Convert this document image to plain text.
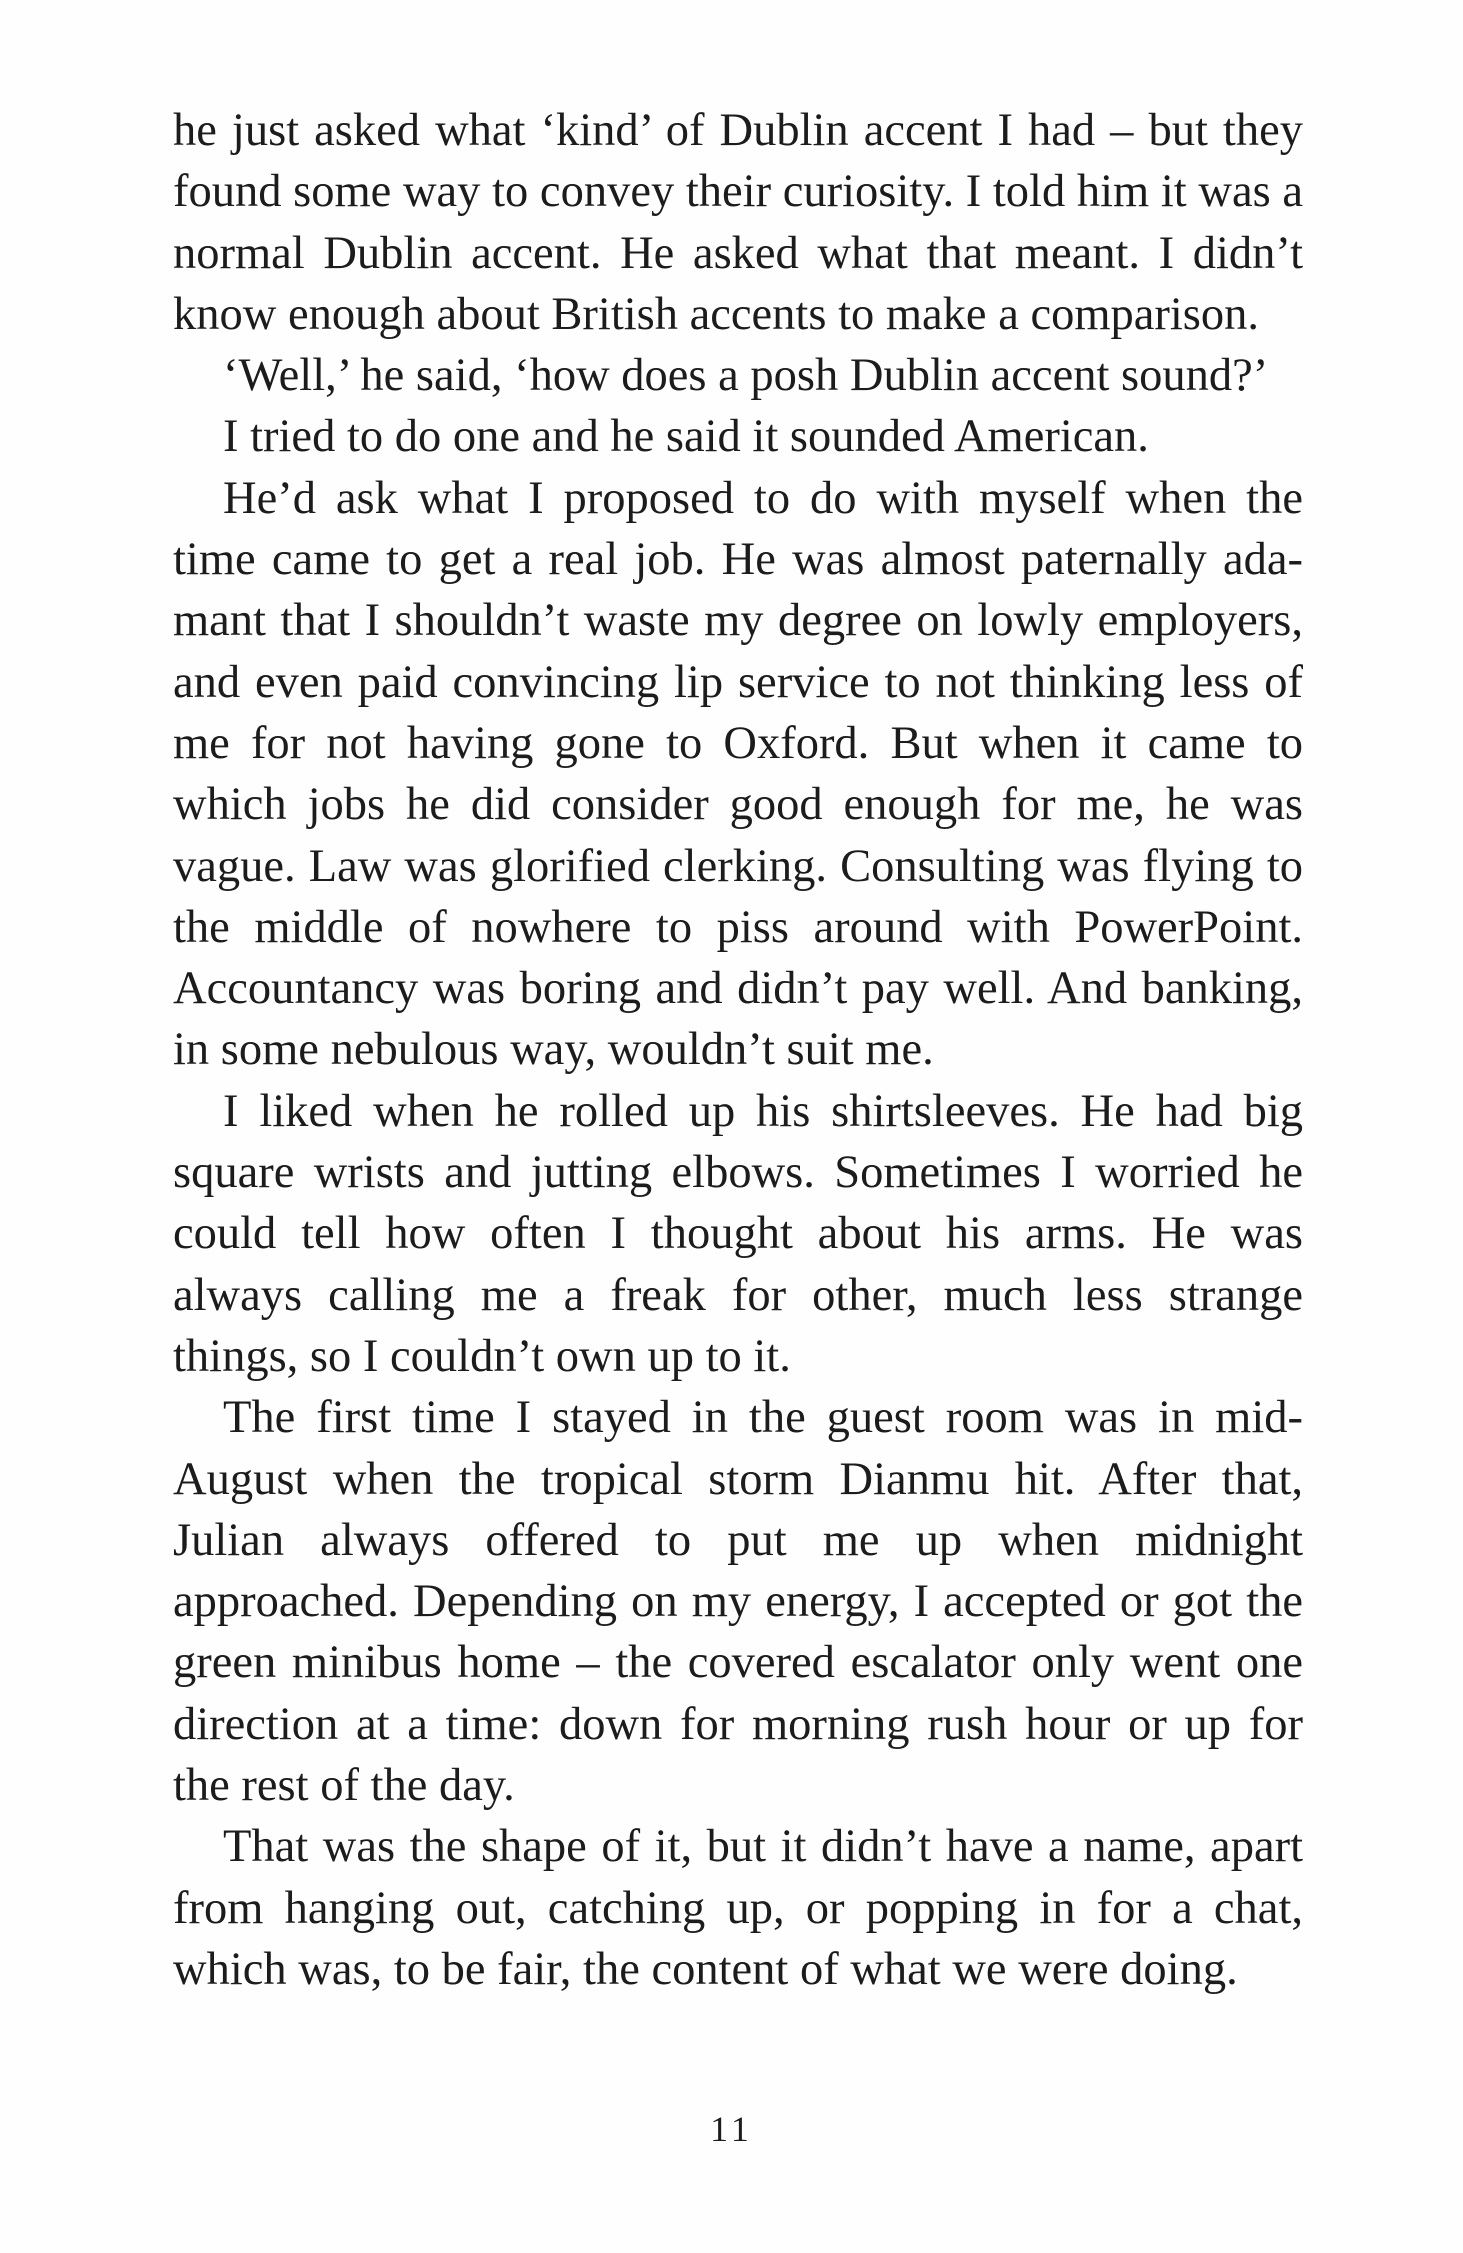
he just asked what ‘kind’ of Dublin accent I had – but they found some way to convey their curiosity. I told him it was a normal Dublin accent. He asked what that meant. I didn’t know enough about British accents to make a comparison.

‘Well,’ he said, ‘how does a posh Dublin accent sound?’

I tried to do one and he said it sounded American.

He’d ask what I proposed to do with myself when the time came to get a real job. He was almost paternally adamant that I shouldn’t waste my degree on lowly employers, and even paid convincing lip service to not thinking less of me for not having gone to Oxford. But when it came to which jobs he did consider good enough for me, he was vague. Law was glorified clerking. Consulting was flying to the middle of nowhere to piss around with PowerPoint. Accountancy was boring and didn’t pay well. And banking, in some nebulous way, wouldn’t suit me.

I liked when he rolled up his shirtsleeves. He had big square wrists and jutting elbows. Sometimes I worried he could tell how often I thought about his arms. He was always calling me a freak for other, much less strange things, so I couldn’t own up to it.

The first time I stayed in the guest room was in mid-August when the tropical storm Dianmu hit. After that, Julian always offered to put me up when midnight approached. Depending on my energy, I accepted or got the green minibus home – the covered escalator only went one direction at a time: down for morning rush hour or up for the rest of the day.

That was the shape of it, but it didn’t have a name, apart from hanging out, catching up, or popping in for a chat, which was, to be fair, the content of what we were doing.

11
